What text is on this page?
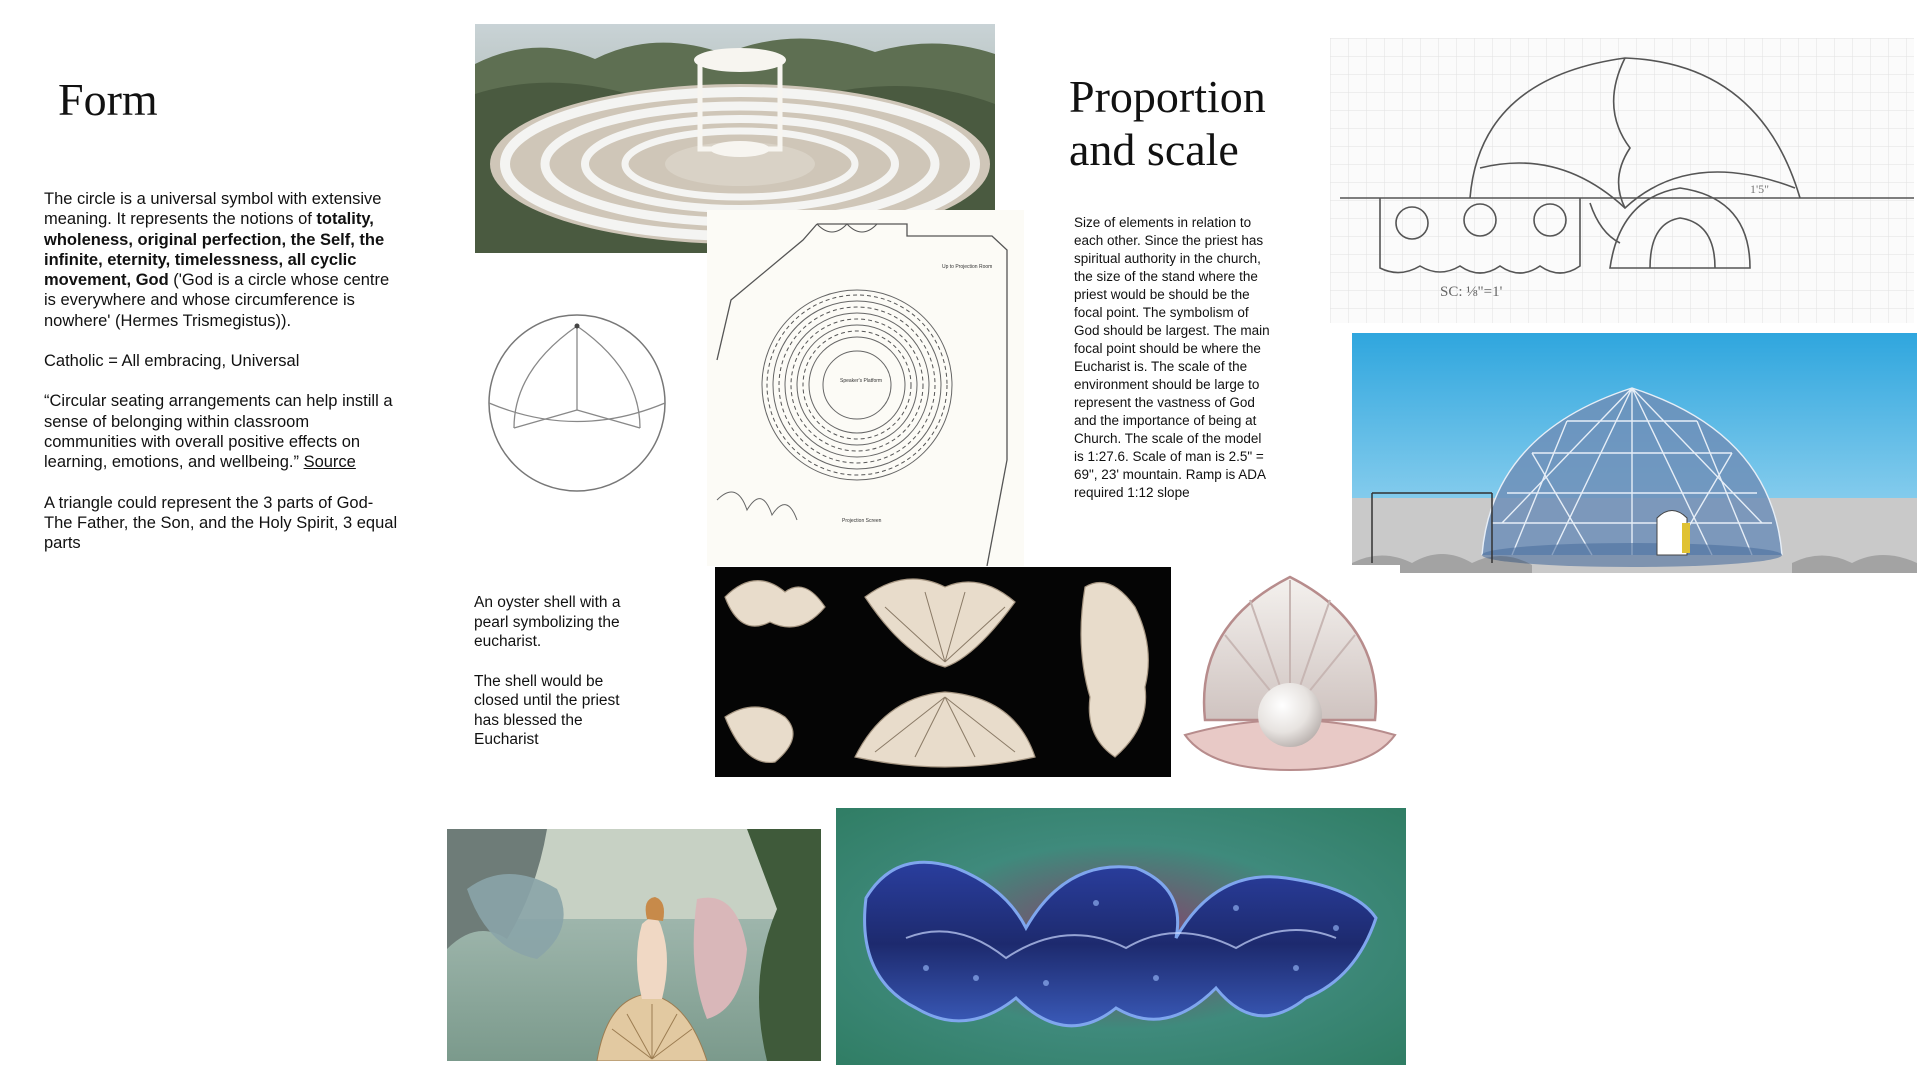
Form

The circle is a universal symbol with extensive meaning. It represents the notions of totality, wholeness, original perfection, the Self, the infinite, eternity, timelessness, all cyclic movement, God ('God is a circle whose centre is everywhere and whose circumference is nowhere' (Hermes Trismegistus)).

Catholic = All embracing, Universal

“Circular seating arrangements can help instill a sense of belonging within classroom communities with overall positive effects on learning, emotions, and wellbeing.” Source

A triangle could represent the 3 parts of God- The Father, the Son, and the Holy Spirit, 3 equal parts

Up to Projection Room
Speaker's Platform
Projection Screen
Proportion
and scale
Size of elements in relation to each other. Since the priest has spiritual authority in the church, the size of the stand where the priest would be should be the focal point. The symbolism of God should be largest. The main focal point should be where the Eucharist is. The scale of the environment should be large to represent the vastness of God and the importance of being at Church. The scale of the model is 1:27.6. Scale of man is 2.5" = 69", 23' mountain. Ramp is ADA required 1:12 slope
SC: ⅛"=1'
1'5"

An oyster shell with a pearl symbolizing the eucharist.

The shell would be closed until the priest has blessed the Eucharist
